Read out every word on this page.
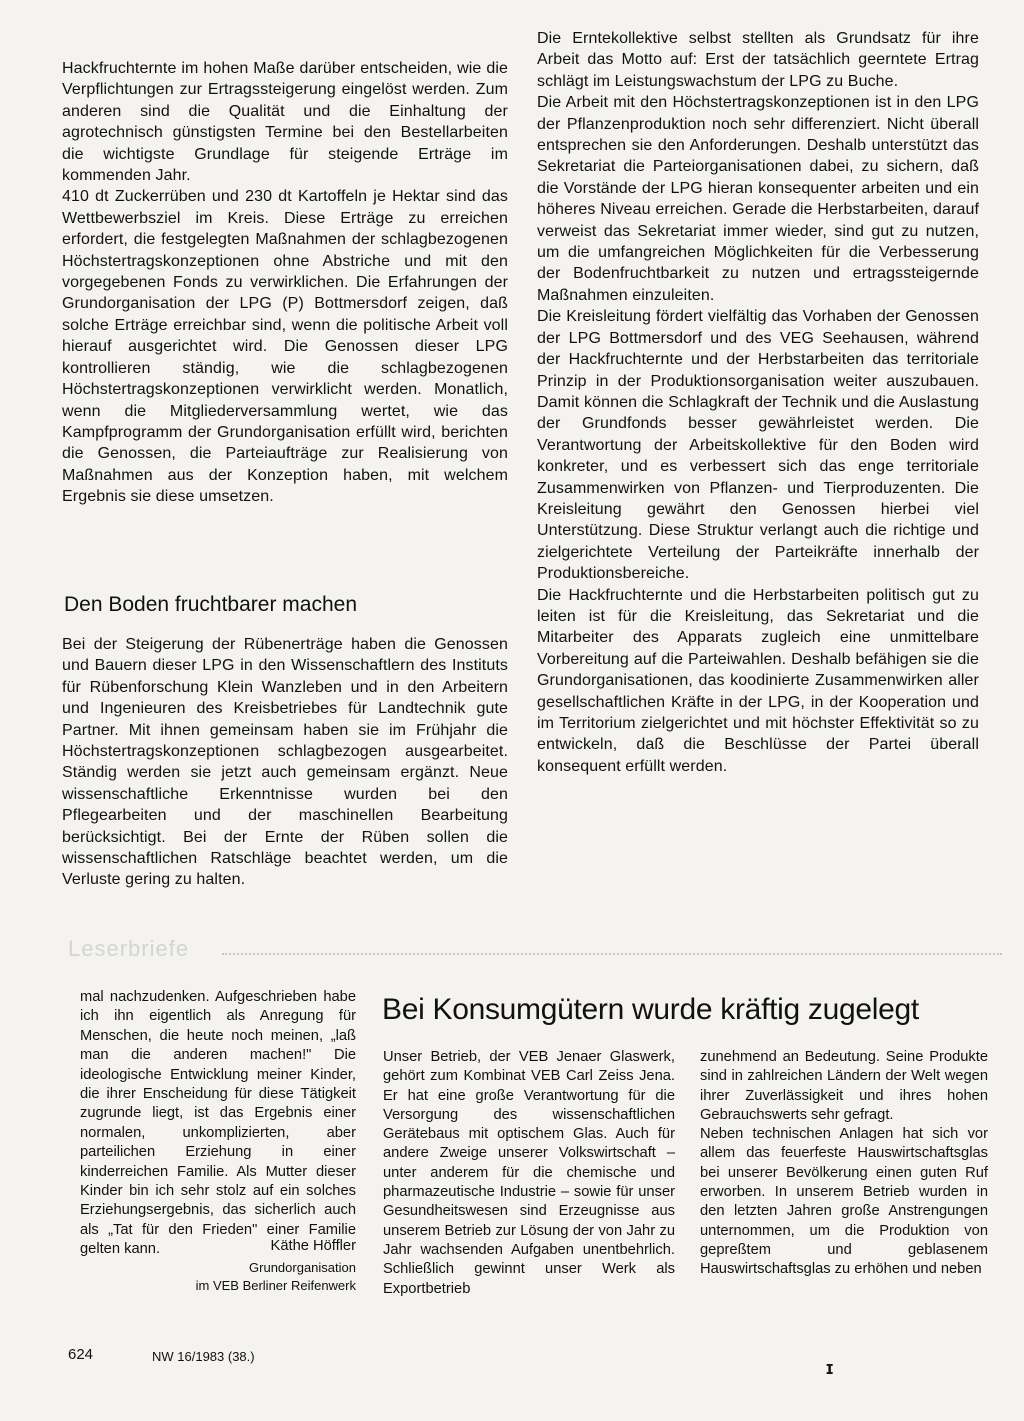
Hackfruchternte im hohen Maße darüber entscheiden, wie die Verpflichtungen zur Ertragssteigerung eingelöst werden. Zum anderen sind die Qualität und die Einhaltung der agrotechnisch günstigsten Termine bei den Bestellarbeiten die wichtigste Grundlage für steigende Erträge im kommenden Jahr.

410 dt Zuckerrüben und 230 dt Kartoffeln je Hektar sind das Wettbewerbsziel im Kreis. Diese Erträge zu erreichen erfordert, die festgelegten Maßnahmen der schlagbezogenen Höchstertragskonzeptionen ohne Abstriche und mit den vorgegebenen Fonds zu verwirklichen. Die Erfahrungen der Grundorganisation der LPG (P) Bottmersdorf zeigen, daß solche Erträge erreichbar sind, wenn die politische Arbeit voll hierauf ausgerichtet wird. Die Genossen dieser LPG kontrollieren ständig, wie die schlagbezogenen Höchstertragskonzeptionen verwirklicht werden. Monatlich, wenn die Mitgliederversammlung wertet, wie das Kampfprogramm der Grundorganisation erfüllt wird, berichten die Genossen, die Parteiaufträge zur Realisierung von Maßnahmen aus der Konzeption haben, mit welchem Ergebnis sie diese umsetzen.

Den Boden fruchtbarer machen

Bei der Steigerung der Rübenerträge haben die Genossen und Bauern dieser LPG in den Wissenschaftlern des Instituts für Rübenforschung Klein Wanzleben und in den Arbeitern und Ingenieuren des Kreisbetriebes für Landtechnik gute Partner. Mit ihnen gemeinsam haben sie im Frühjahr die Höchstertragskonzeptionen schlagbezogen ausgearbeitet. Ständig werden sie jetzt auch gemeinsam ergänzt. Neue wissenschaftliche Erkenntnisse wurden bei den Pflegearbeiten und der maschinellen Bearbeitung berücksichtigt. Bei der Ernte der Rüben sollen die wissenschaftlichen Ratschläge beachtet werden, um die Verluste gering zu halten.

Die Erntekollektive selbst stellten als Grundsatz für ihre Arbeit das Motto auf: Erst der tatsächlich geerntete Ertrag schlägt im Leistungswachstum der LPG zu Buche.

Die Arbeit mit den Höchstertragskonzeptionen ist in den LPG der Pflanzenproduktion noch sehr differenziert. Nicht überall entsprechen sie den Anforderungen. Deshalb unterstützt das Sekretariat die Parteiorganisationen dabei, zu sichern, daß die Vorstände der LPG hieran konsequenter arbeiten und ein höheres Niveau erreichen. Gerade die Herbstarbeiten, darauf verweist das Sekretariat immer wieder, sind gut zu nutzen, um die umfangreichen Möglichkeiten für die Verbesserung der Bodenfruchtbarkeit zu nutzen und ertragssteigernde Maßnahmen einzuleiten.

Die Kreisleitung fördert vielfältig das Vorhaben der Genossen der LPG Bottmersdorf und des VEG Seehausen, während der Hackfruchternte und der Herbstarbeiten das territoriale Prinzip in der Produktionsorganisation weiter auszubauen. Damit können die Schlagkraft der Technik und die Auslastung der Grundfonds besser gewährleistet werden. Die Verantwortung der Arbeitskollektive für den Boden wird konkreter, und es verbessert sich das enge territoriale Zusammenwirken von Pflanzen- und Tierproduzenten. Die Kreisleitung gewährt den Genossen hierbei viel Unterstützung. Diese Struktur verlangt auch die richtige und zielgerichtete Verteilung der Parteikräfte innerhalb der Produktionsbereiche.

Die Hackfruchternte und die Herbstarbeiten politisch gut zu leiten ist für die Kreisleitung, das Sekretariat und die Mitarbeiter des Apparats zugleich eine unmittelbare Vorbereitung auf die Parteiwahlen. Deshalb befähigen sie die Grundorganisationen, das koodinierte Zusammenwirken aller gesellschaftlichen Kräfte in der LPG, in der Kooperation und im Territorium zielgerichtet und mit höchster Effektivität so zu entwickeln, daß die Beschlüsse der Partei überall konsequent erfüllt werden.

Leserbriefe

mal nachzudenken. Aufgeschrieben habe ich ihn eigentlich als Anregung für Menschen, die heute noch meinen, „laß man die anderen machen!" Die ideologische Entwicklung meiner Kinder, die ihrer Enscheidung für diese Tätigkeit zugrunde liegt, ist das Ergebnis einer normalen, unkomplizierten, aber parteilichen Erziehung in einer kinderreichen Familie. Als Mutter dieser Kinder bin ich sehr stolz auf ein solches Erziehungsergebnis, das sicherlich auch als „Tat für den Frieden" einer Familie gelten kann.	Käthe Höffler
Grundorganisation
im VEB Berliner Reifenwerk
Bei Konsumgütern wurde kräftig zugelegt

Unser Betrieb, der VEB Jenaer Glaswerk, gehört zum Kombinat VEB Carl Zeiss Jena. Er hat eine große Verantwortung für die Versorgung des wissenschaftlichen Gerätebaus mit optischem Glas. Auch für andere Zweige unserer Volkswirtschaft – unter anderem für die chemische und pharmazeutische Industrie – sowie für unser Gesundheitswesen sind Erzeugnisse aus unserem Betrieb zur Lösung der von Jahr zu Jahr wachsenden Aufgaben unentbehrlich. Schließlich gewinnt unser Werk als Exportbetrieb

zunehmend an Bedeutung. Seine Produkte sind in zahlreichen Ländern der Welt wegen ihrer Zuverlässigkeit und ihres hohen Gebrauchswerts sehr gefragt.

Neben technischen Anlagen hat sich vor allem das feuerfeste Hauswirtschaftsglas bei unserer Bevölkerung einen guten Ruf erworben. In unserem Betrieb wurden in den letzten Jahren große Anstrengungen unternommen, um die Produktion von gepreßtem und geblasenem Hauswirtschaftsglas zu erhöhen und neben

624	NW 16/1983 (38.)
ɪ
